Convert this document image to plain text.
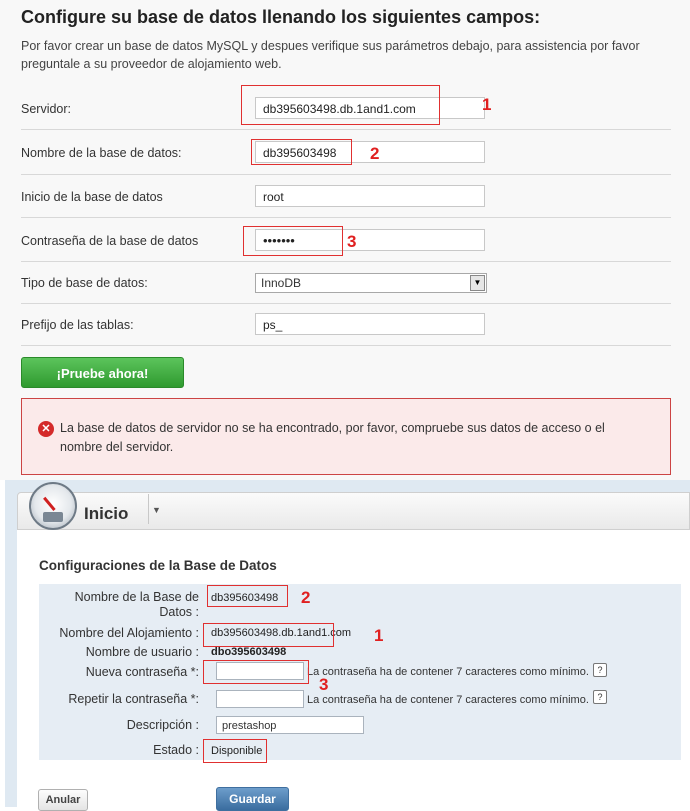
Configure su base de datos llenando los siguientes campos:

Por favor crear un base de datos MySQL y despues verifique sus parámetros debajo, para assistencia por favor preguntale a su proveedor de alojamiento web.

Servidor:	db395603498.db.1and1.com
Nombre de la base de datos:	db395603498
Inicio de la base de datos	root
Contraseña de la base de datos	•••••••
Tipo de base de datos:	InnoDB	▼
Prefijo de las tablas:	ps_
¡Pruebe ahora!
✕ La base de datos de servidor no se ha encontrado, por favor, compruebe sus datos de acceso o el nombre del servidor.
1
2
3
Inicio	▼
Configuraciones de la Base de Datos
Nombre de la Base de Datos :
db395603498
Nombre del Alojamiento : db395603498.db.1and1.com
Nombre de usuario : dbo395603498
Nueva contraseña *:	La contraseña ha de contener 7 caracteres como mínimo. ?
Repetir la contraseña *:	La contraseña ha de contener 7 caracteres como mínimo. ?
Descripción :	prestashop
Estado : Disponible
2
1
3
Anular	Guardar
